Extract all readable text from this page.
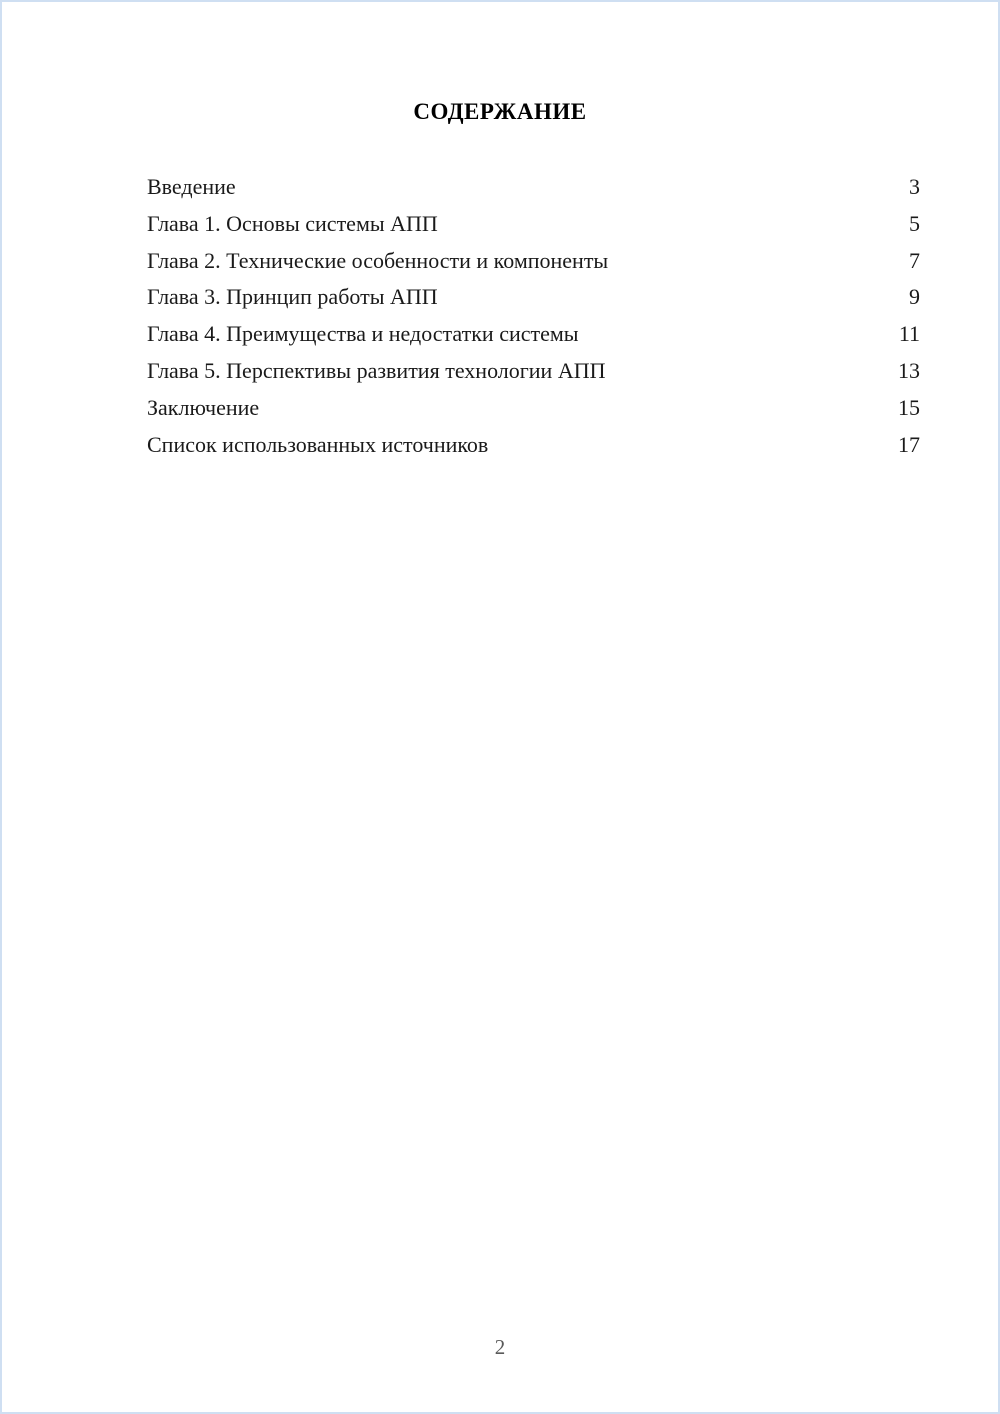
СОДЕРЖАНИЕ
Введение	3
Глава 1. Основы системы АПП	5
Глава 2. Технические особенности и компоненты	7
Глава 3. Принцип работы АПП	9
Глава 4. Преимущества и недостатки системы	11
Глава 5. Перспективы развития технологии АПП	13
Заключение	15
Список использованных источников	17
2
